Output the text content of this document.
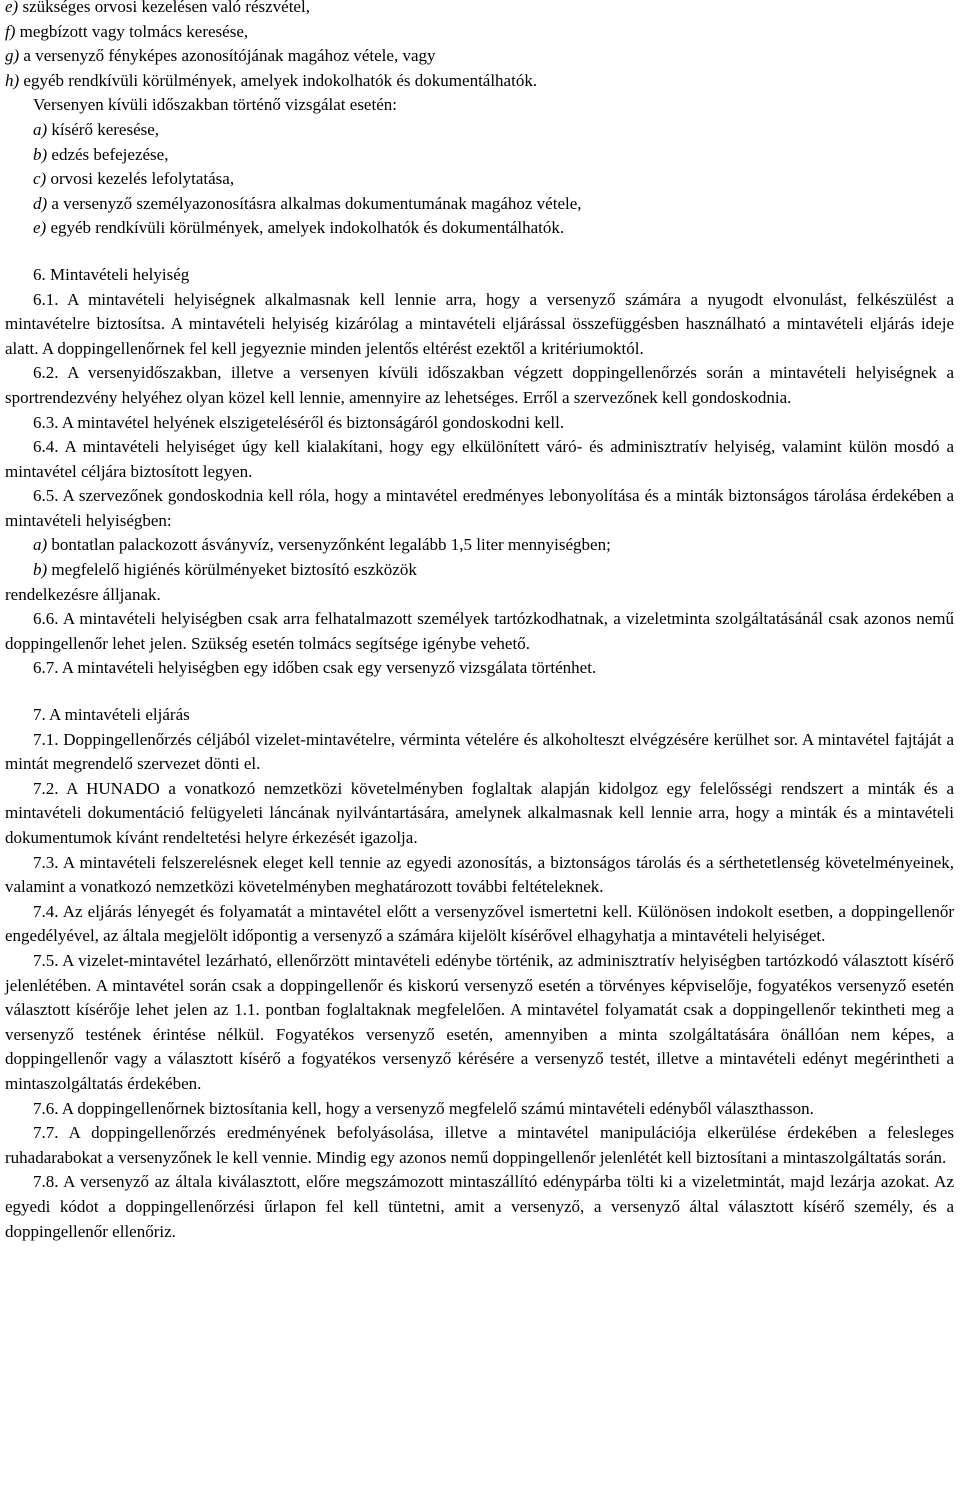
e) szükséges orvosi kezelésen való részvétel,

f) megbízott vagy tolmács keresése,

g) a versenyző fényképes azonosítójának magához vétele, vagy

h) egyéb rendkívüli körülmények, amelyek indokolhatók és dokumentálhatók.

Versenyen kívüli időszakban történő vizsgálat esetén:

a) kísérő keresése,

b) edzés befejezése,

c) orvosi kezelés lefolytatása,

d) a versenyző személyazonosításra alkalmas dokumentumának magához vétele,

e) egyéb rendkívüli körülmények, amelyek indokolhatók és dokumentálhatók.

6. Mintavételi helyiség

6.1. A mintavételi helyiségnek alkalmasnak kell lennie arra, hogy a versenyző számára a nyugodt elvonulást, felkészülést a mintavételre biztosítsa. A mintavételi helyiség kizárólag a mintavételi eljárással összefüggésben használható a mintavételi eljárás ideje alatt. A doppingellenőrnek fel kell jegyeznie minden jelentős eltérést ezektől a kritériumoktól.

6.2. A versenyidőszakban, illetve a versenyen kívüli időszakban végzett doppingellenőrzés során a mintavételi helyiségnek a sportrendezvény helyéhez olyan közel kell lennie, amennyire az lehetséges. Erről a szervezőnek kell gondoskodnia.

6.3. A mintavétel helyének elszigeteléséről és biztonságáról gondoskodni kell.

6.4. A mintavételi helyiséget úgy kell kialakítani, hogy egy elkülönített váró- és adminisztratív helyiség, valamint külön mosdó a mintavétel céljára biztosított legyen.

6.5. A szervezőnek gondoskodnia kell róla, hogy a mintavétel eredményes lebonyolítása és a minták biztonságos tárolása érdekében a mintavételi helyiségben:

a) bontatlan palackozott ásványvíz, versenyzőnként legalább 1,5 liter mennyiségben;

b) megfelelő higiénés körülményeket biztosító eszközök

rendelkezésre álljanak.

6.6. A mintavételi helyiségben csak arra felhatalmazott személyek tartózkodhatnak, a vizeletminta szolgáltatásánál csak azonos nemű doppingellenőr lehet jelen. Szükség esetén tolmács segítsége igénybe vehető.

6.7. A mintavételi helyiségben egy időben csak egy versenyző vizsgálata történhet.

7. A mintavételi eljárás

7.1. Doppingellenőrzés céljából vizelet-mintavételre, vérminta vételére és alkoholteszt elvégzésére kerülhet sor. A mintavétel fajtáját a mintát megrendelő szervezet dönti el.

7.2. A HUNADO a vonatkozó nemzetközi követelményben foglaltak alapján kidolgoz egy felelősségi rendszert a minták és a mintavételi dokumentáció felügyeleti láncának nyilvántartására, amelynek alkalmasnak kell lennie arra, hogy a minták és a mintavételi dokumentumok kívánt rendeltetési helyre érkezését igazolja.

7.3. A mintavételi felszerelésnek eleget kell tennie az egyedi azonosítás, a biztonságos tárolás és a sérthetetlenség követelményeinek, valamint a vonatkozó nemzetközi követelményben meghatározott további feltételeknek.

7.4. Az eljárás lényegét és folyamatát a mintavétel előtt a versenyzővel ismertetni kell. Különösen indokolt esetben, a doppingellenőr engedélyével, az általa megjelölt időpontig a versenyző a számára kijelölt kísérővel elhagyhatja a mintavételi helyiséget.

7.5. A vizelet-mintavétel lezárható, ellenőrzött mintavételi edénybe történik, az adminisztratív helyiségben tartózkodó választott kísérő jelenlétében. A mintavétel során csak a doppingellenőr és kiskorú versenyző esetén a törvényes képviselője, fogyatékos versenyző esetén választott kísérője lehet jelen az 1.1. pontban foglaltaknak megfelelően. A mintavétel folyamatát csak a doppingellenőr tekintheti meg a versenyző testének érintése nélkül. Fogyatékos versenyző esetén, amennyiben a minta szolgáltatására önállóan nem képes, a doppingellenőr vagy a választott kísérő a fogyatékos versenyző kérésére a versenyző testét, illetve a mintavételi edényt megérintheti a mintaszolgáltatás érdekében.

7.6. A doppingellenőrnek biztosítania kell, hogy a versenyző megfelelő számú mintavételi edényből választhasson.

7.7. A doppingellenőrzés eredményének befolyásolása, illetve a mintavétel manipulációja elkerülése érdekében a felesleges ruhadarabokat a versenyzőnek le kell vennie. Mindig egy azonos nemű doppingellenőr jelenlétét kell biztosítani a mintaszolgáltatás során.

7.8. A versenyző az általa kiválasztott, előre megszámozott mintaszállító edénypárba tölti ki a vizeletmintát, majd lezárja azokat. Az egyedi kódot a doppingellenőrzési űrlapon fel kell tüntetni, amit a versenyző, a versenyző által választott kísérő személy, és a doppingellenőr ellenőriz.
